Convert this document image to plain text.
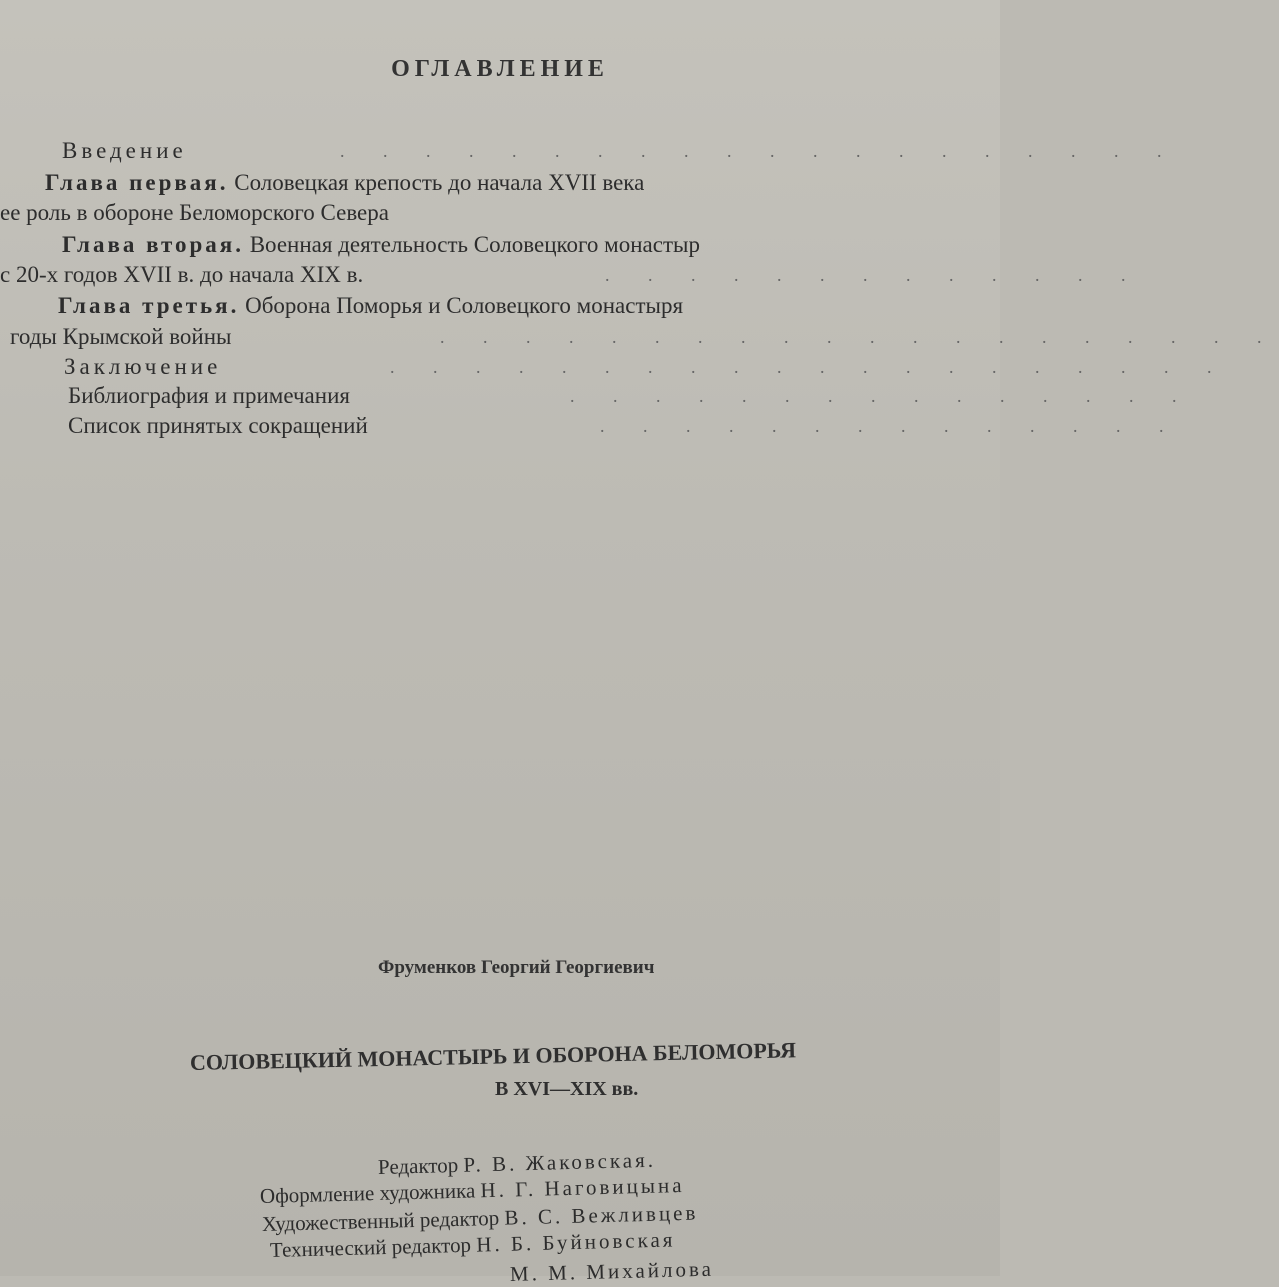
ОГЛАВЛЕНИЕ
Введение	. . . . . . . . . . . . . . . . . . . .
Глава первая. Соловецкая крепость до начала XVII века
ее роль в обороне Беломорского Севера
Глава вторая. Военная деятельность Соловецкого монастыр
с 20-х годов XVII в. до начала XIX в.	. . . . . . . . . . . . .
Глава третья. Оборона Поморья и Соловецкого монастыря
годы Крымской войны	. . . . . . . . . . . . . . . . . . . .
Заключение	. . . . . . . . . . . . . . . . . . . .
Библиография и примечания	. . . . . . . . . . . . . . .
Список принятых сокращений	. . . . . . . . . . . . . .
Фруменков Георгий Георгиевич
СОЛОВЕЦКИЙ МОНАСТЫРЬ И ОБОРОНА БЕЛОМОРЬЯ
В XVI—XIX вв.
Редактор Р. В. Жаковская.
Оформление художника Н. Г. Наговицына
Художественный редактор В. С. Вежливцев
Технический редактор Н. Б. Буйновская
М. М. Михайлова
